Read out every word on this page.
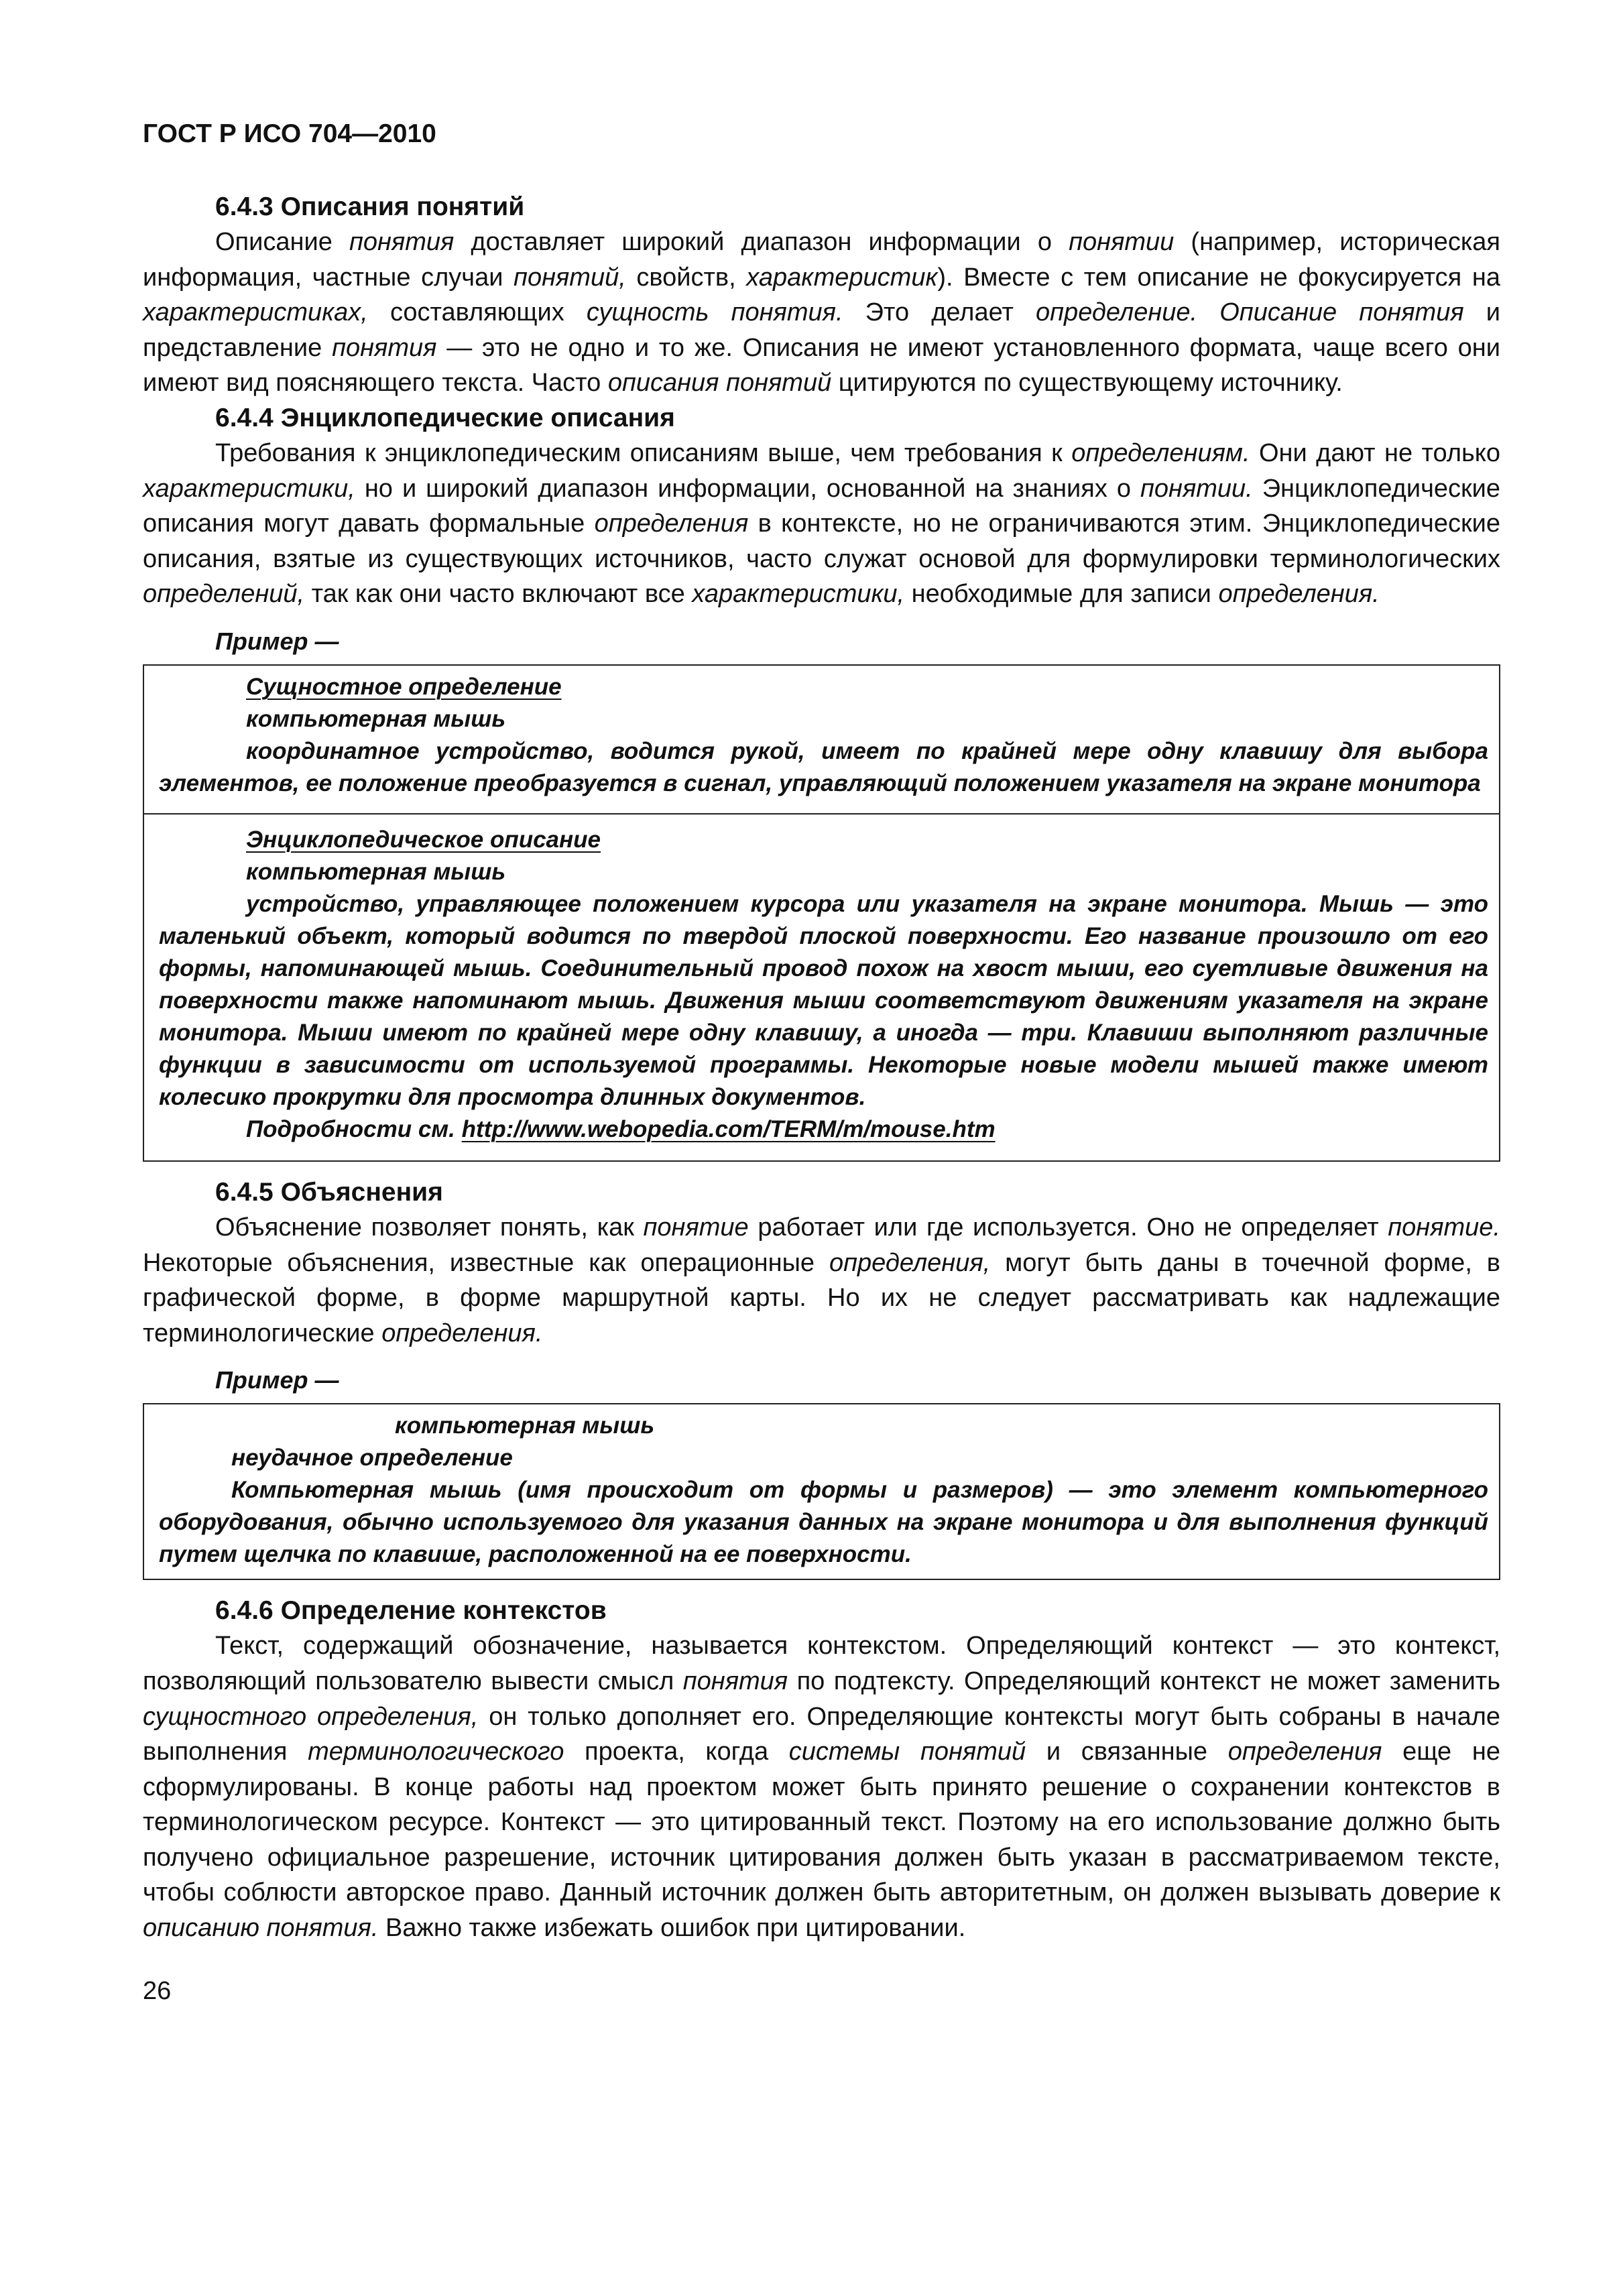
ГОСТ Р ИСО 704—2010
6.4.3 Описания понятий

Описание понятия доставляет широкий диапазон информации о понятии (например, историческая информация, частные случаи понятий, свойств, характеристик). Вместе с тем описание не фокусируется на характеристиках, составляющих сущность понятия. Это делает определение. Описание понятия и представление понятия — это не одно и то же. Описания не имеют установленного формата, чаще всего они имеют вид поясняющего текста. Часто описания понятий цитируются по существующему источнику.

6.4.4 Энциклопедические описания

Требования к энциклопедическим описаниям выше, чем требования к определениям. Они дают не только характеристики, но и широкий диапазон информации, основанной на знаниях о понятии. Энциклопедические описания могут давать формальные определения в контексте, но не ограничиваются этим. Энциклопедические описания, взятые из существующих источников, часто служат основой для формулировки терминологических определений, так как они часто включают все характеристики, необходимые для записи определения.

Пример —

Сущностное определение

компьютерная мышь

координатное устройство, водится рукой, имеет по крайней мере одну клавишу для выбора элементов, ее положение преобразуется в сигнал, управляющий положением указателя на экране монитора

Энциклопедическое описание

компьютерная мышь

устройство, управляющее положением курсора или указателя на экране монитора. Мышь — это маленький объект, который водится по твердой плоской поверхности. Его название произошло от его формы, напоминающей мышь. Соединительный провод похож на хвост мыши, его суетливые движения на поверхности также напоминают мышь. Движения мыши соответствуют движениям указателя на экране монитора. Мыши имеют по крайней мере одну клавишу, а иногда — три. Клавиши выполняют различные функции в зависимости от используемой программы. Некоторые новые модели мышей также имеют колесико прокрутки для просмотра длинных документов.

Подробности см. http://www.webopedia.com/TERM/m/mouse.htm

6.4.5 Объяснения

Объяснение позволяет понять, как понятие работает или где используется. Оно не определяет понятие. Некоторые объяснения, известные как операционные определения, могут быть даны в точечной форме, в графической форме, в форме маршрутной карты. Но их не следует рассматривать как надлежащие терминологические определения.

Пример —

компьютерная мышь

неудачное определение

Компьютерная мышь (имя происходит от формы и размеров) — это элемент компьютерного оборудования, обычно используемого для указания данных на экране монитора и для выполнения функций путем щелчка по клавише, расположенной на ее поверхности.

6.4.6 Определение контекстов

Текст, содержащий обозначение, называется контекстом. Определяющий контекст — это контекст, позволяющий пользователю вывести смысл понятия по подтексту. Определяющий контекст не может заменить сущностного определения, он только дополняет его. Определяющие контексты могут быть собраны в начале выполнения терминологического проекта, когда системы понятий и связанные определения еще не сформулированы. В конце работы над проектом может быть принято решение о сохранении контекстов в терминологическом ресурсе. Контекст — это цитированный текст. Поэтому на его использование должно быть получено официальное разрешение, источник цитирования должен быть указан в рассматриваемом тексте, чтобы соблюсти авторское право. Данный источник должен быть авторитетным, он должен вызывать доверие к описанию понятия. Важно также избежать ошибок при цитировании.

26
